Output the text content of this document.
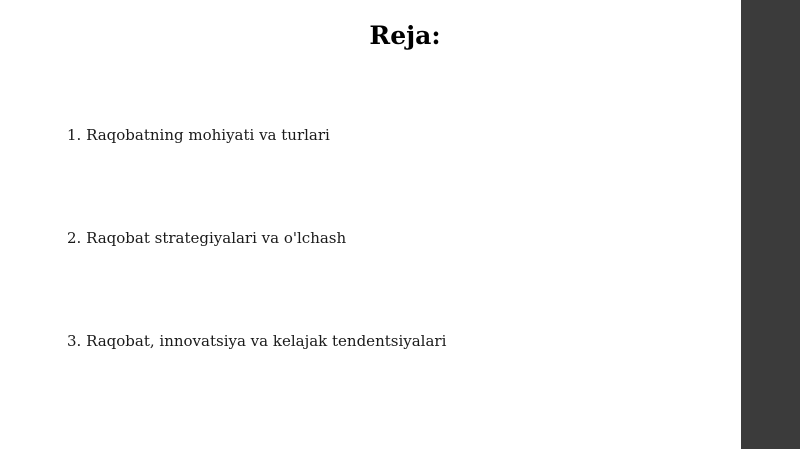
Reja:
1. Raqobatning mohiyati va turlari
2. Raqobat strategiyalari va o'lchash
3. Raqobat, innovatsiya va kelajak tendentsiyalari
